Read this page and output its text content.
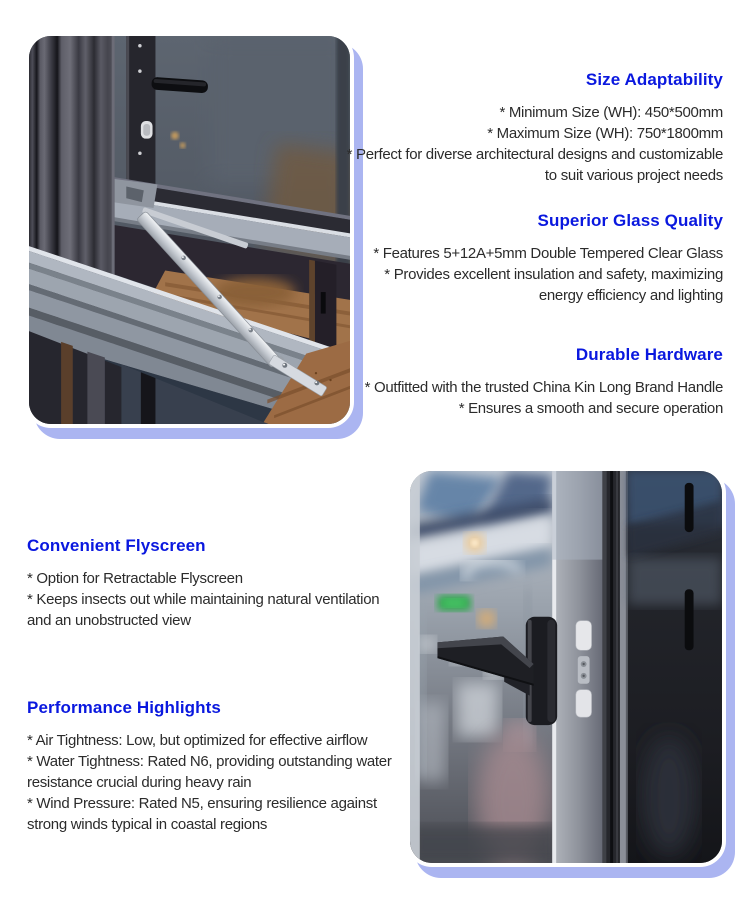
Size Adaptability
* Minimum Size (WH): 450*500mm
* Maximum Size (WH): 750*1800mm
* Perfect for diverse architectural designs and customizable to suit various project needs
Superior Glass Quality
* Features 5+12A+5mm Double Tempered Clear Glass
* Provides excellent insulation and safety, maximizing energy efficiency and lighting
Durable Hardware
* Outfitted with the trusted China Kin Long Brand Handle
* Ensures a smooth and secure operation
Convenient Flyscreen
* Option for Retractable Flyscreen
* Keeps insects out while maintaining natural ventilation and an unobstructed view
Performance Highlights
* Air Tightness: Low, but optimized for effective airflow
* Water Tightness: Rated N6, providing outstanding water resistance crucial during heavy rain
* Wind Pressure: Rated N5, ensuring resilience against strong winds typical in coastal regions
